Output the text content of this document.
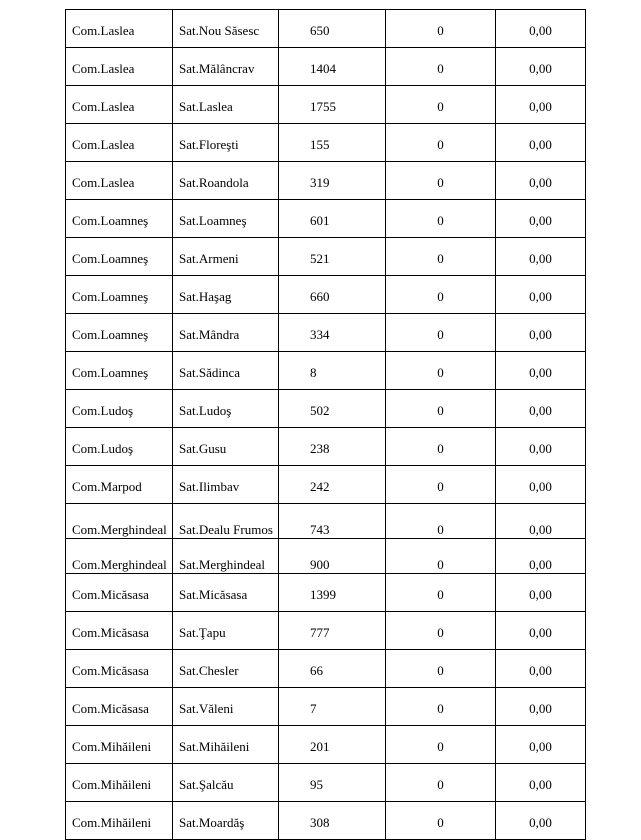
Com.Laslea	Sat.Nou Săsesc	650	0	0,00
Com.Laslea	Sat.Mălâncrav	1404	0	0,00
Com.Laslea	Sat.Laslea	1755	0	0,00
Com.Laslea	Sat.Floreşti	155	0	0,00
Com.Laslea	Sat.Roandola	319	0	0,00
Com.Loamneş	Sat.Loamneş	601	0	0,00
Com.Loamneş	Sat.Armeni	521	0	0,00
Com.Loamneş	Sat.Haşag	660	0	0,00
Com.Loamneş	Sat.Mândra	334	0	0,00
Com.Loamneş	Sat.Sădinca	8	0	0,00
Com.Ludoş	Sat.Ludoş	502	0	0,00
Com.Ludoş	Sat.Gusu	238	0	0,00
Com.Marpod	Sat.Ilimbav	242	0	0,00
Com.Merghindeal	Sat.Dealu Frumos	743	0	0,00
Com.Merghindeal	Sat.Merghindeal	900	0	0,00
Com.Micăsasa	Sat.Micăsasa	1399	0	0,00
Com.Micăsasa	Sat.Ţapu	777	0	0,00
Com.Micăsasa	Sat.Chesler	66	0	0,00
Com.Micăsasa	Sat.Văleni	7	0	0,00
Com.Mihăileni	Sat.Mihăileni	201	0	0,00
Com.Mihăileni	Sat.Şalcău	95	0	0,00
Com.Mihăileni	Sat.Moardăş	308	0	0,00
